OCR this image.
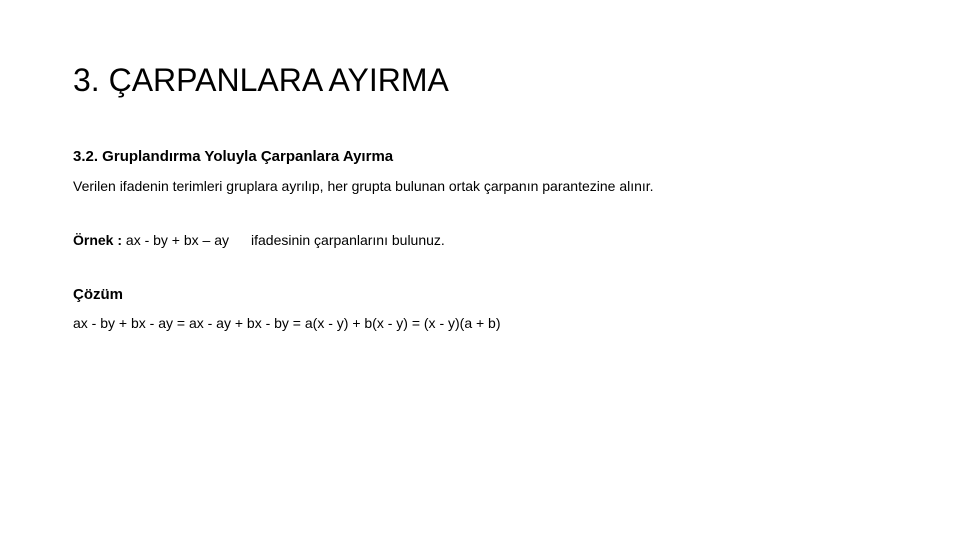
3. ÇARPANLARA AYIRMA
3.2. Gruplandırma Yoluyla Çarpanlara Ayırma

Verilen ifadenin terimleri gruplara ayrılıp, her grupta bulunan ortak çarpanın parantezine alınır.

Örnek : ax - by + bx – ay ifadesinin çarpanlarını bulunuz.

Çözüm

ax - by + bx - ay = ax - ay + bx - by = a(x - y) + b(x - y) = (x - y)(a + b)
